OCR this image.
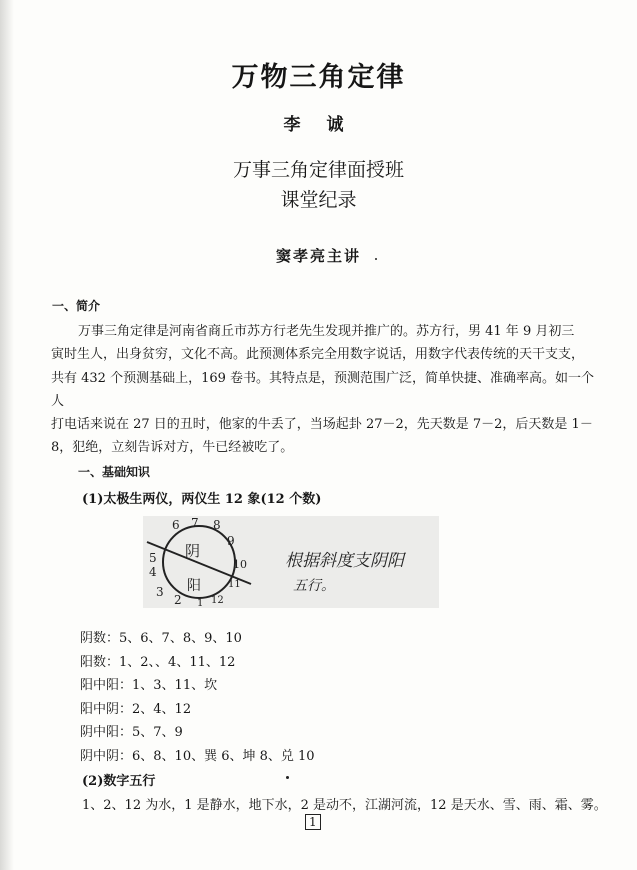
万物三角定律
李 诚
万事三角定律面授班
课堂纪录
窦孝亮主讲
一、简介

万事三角定律是河南省商丘市苏方行老先生发现并推广的。苏方行，男 41 年 9 月初三

寅时生人，出身贫穷，文化不高。此预测体系完全用数字说话，用数字代表传统的天干支支，

共有 432 个预测基础上，169 卷书。其特点是，预测范围广泛，简单快捷、准确率高。如一个人

打电话来说在 27 日的丑时，他家的牛丢了，当场起卦 27－2，先天数是 7－2，后天数是 1－

8，犯绝，立刻告诉对方，牛已经被吃了。

一、基础知识
(1)太极生两仪，两仪生 12 象(12 个数)
阴
阳
6 7 8
9
10
11
12
1
2
3
4
5	根据斜度支阴阳
五行。
阴数：5、6、7、8、9、10
阳数：1、2、、4、11、12
阳中阳：1、3、11、坎
阳中阴：2、4、12
阴中阳：5、7、9
阴中阴：6、8、10、巽 6、坤 8、兑 10
(2)数字五行
1、2、12 为水，1 是静水，地下水，2 是动不，江湖河流，12 是天水、雪、雨、霜、雾。
1
